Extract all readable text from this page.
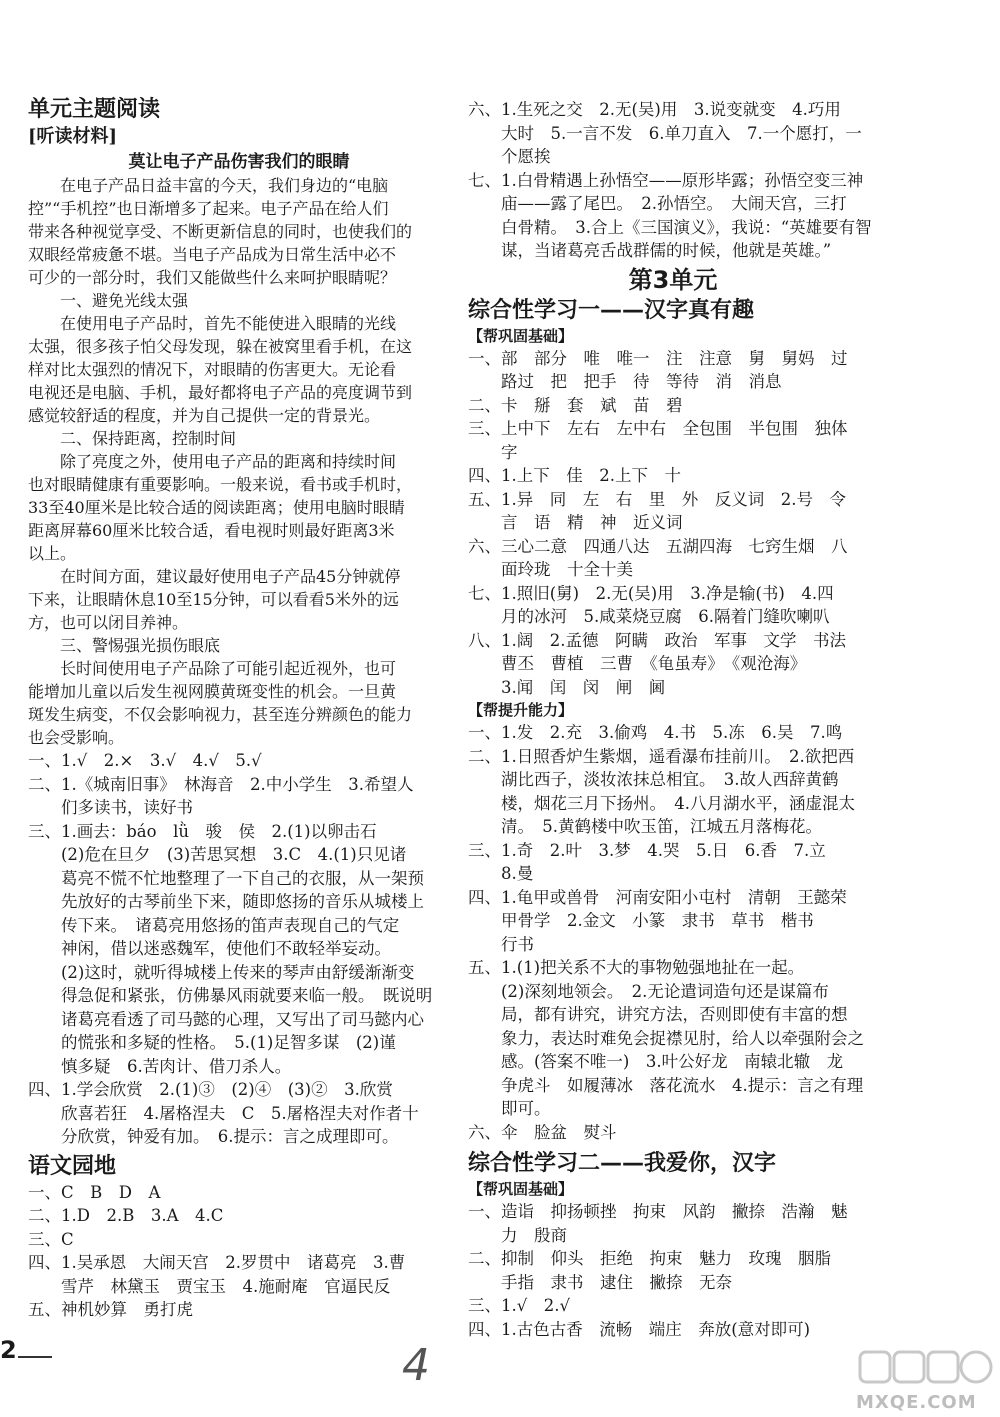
单元主题阅读
[听读材料]
莫让电子产品伤害我们的眼睛
　　在电子产品日益丰富的今天，我们身边的“电脑
控”“手机控”也日渐增多了起来。电子产品在给人们
带来各种视觉享受、不断更新信息的同时，也使我们的
双眼经常疲惫不堪。当电子产品成为日常生活中必不
可少的一部分时，我们又能做些什么来呵护眼睛呢？
　　一、避免光线太强
　　在使用电子产品时，首先不能使进入眼睛的光线
太强，很多孩子怕父母发现，躲在被窝里看手机，在这
样对比太强烈的情况下，对眼睛的伤害更大。无论看
电视还是电脑、手机，最好都将电子产品的亮度调节到
感觉较舒适的程度，并为自己提供一定的背景光。
　　二、保持距离，控制时间
　　除了亮度之外，使用电子产品的距离和持续时间
也对眼睛健康有重要影响。一般来说，看书或手机时，
33至40厘米是比较合适的阅读距离；使用电脑时眼睛
距离屏幕60厘米比较合适，看电视时则最好距离3米
以上。
　　在时间方面，建议最好使用电子产品45分钟就停
下来，让眼睛休息10至15分钟，可以看看5米外的远
方，也可以闭目养神。
　　三、警惕强光损伤眼底
　　长时间使用电子产品除了可能引起近视外，也可
能增加儿童以后发生视网膜黄斑变性的机会。一旦黄
斑发生病变，不仅会影响视力，甚至连分辨颜色的能力
也会受影响。
一、1.√　2.×　3.√　4.√　5.√
二、1.《城南旧事》　林海音　2.中小学生　3.希望人
　　们多读书，读好书
三、1.画去：báo　lǜ　骏　侯　2.(1)以卵击石
　　(2)危在旦夕　(3)苦思冥想　3.C　4.(1)只见诸
　　葛亮不慌不忙地整理了一下自己的衣服，从一架预
　　先放好的古琴前坐下来，随即悠扬的音乐从城楼上
　　传下来。　诸葛亮用悠扬的笛声表现自己的气定
　　神闲，借以迷惑魏军，使他们不敢轻举妄动。
　　(2)这时，就听得城楼上传来的琴声由舒缓渐渐变
　　得急促和紧张，仿佛暴风雨就要来临一般。　既说明
　　诸葛亮看透了司马懿的心理，又写出了司马懿内心
　　的慌张和多疑的性格。　5.(1)足智多谋　(2)谨
　　慎多疑　6.苦肉计、借刀杀人。
四、1.学会欣赏　2.(1)③　(2)④　(3)②　3.欣赏
　　欣喜若狂　4.屠格涅夫　C　5.屠格涅夫对作者十
　　分欣赏，钟爱有加。　6.提示：言之成理即可。
语文园地
一、C　B　D　A
二、1.D　2.B　3.A　4.C
三、C
四、1.吴承恩　大闹天宫　2.罗贯中　诸葛亮　3.曹
　　雪芹　林黛玉　贾宝玉　4.施耐庵　官逼民反
五、神机妙算　勇打虎
六、1.生死之交　2.无(吴)用　3.说变就变　4.巧用
　　大时　5.一言不发　6.单刀直入　7.一个愿打，一
　　个愿挨
七、1.白骨精遇上孙悟空——原形毕露；孙悟空变三神
　　庙——露了尾巴。　2.孙悟空。　大闹天宫，三打
　　白骨精。　3.合上《三国演义》，我说：“英雄要有智
　　谋，当诸葛亮舌战群儒的时候，他就是英雄。”
第3单元
综合性学习一——汉字真有趣
【帮巩固基础】
一、部　部分　唯　唯一　注　注意　舅　舅妈　过
　　路过　把　把手　待　等待　消　消息
二、卡　掰　套　斌　苗　碧
三、上中下　左右　左中右　全包围　半包围　独体
　　字
四、1.上下　佳　2.上下　十
五、1.异　同　左　右　里　外　反义词　2.号　令
　　言　语　精　神　近义词
六、三心二意　四通八达　五湖四海　七窍生烟　八
　　面玲珑　十全十美
七、1.照旧(舅)　2.无(吴)用　3.净是输(书)　4.四
　　月的冰河　5.咸菜烧豆腐　6.隔着门缝吹喇叭
八、1.阔　2.孟德　阿瞒　政治　军事　文学　书法
　　曹丕　曹植　三曹　《龟虽寿》　《观沧海》
　　3.闻　闰　闵　闸　阃
【帮提升能力】
一、1.发　2.充　3.偷鸡　4.书　5.冻　6.吴　7.鸣
二、1.日照香炉生紫烟，遥看瀑布挂前川。　2.欲把西
　　湖比西子，淡妆浓抹总相宜。　3.故人西辞黄鹤
　　楼，烟花三月下扬州。　4.八月湖水平，涵虚混太
　　清。　5.黄鹤楼中吹玉笛，江城五月落梅花。
三、1.奇　2.叶　3.梦　4.哭　5.日　6.香　7.立
　　8.曼
四、1.龟甲或兽骨　河南安阳小屯村　清朝　王懿荣
　　甲骨学　2.金文　小篆　隶书　草书　楷书
　　行书
五、1.(1)把关系不大的事物勉强地扯在一起。
　　(2)深刻地领会。　2.无论遣词造句还是谋篇布
　　局，都有讲究，讲究方法，否则即使有丰富的想
　　象力，表达时难免会捉襟见肘，给人以牵强附会之
　　感。(答案不唯一)　3.叶公好龙　南辕北辙　龙
　　争虎斗　如履薄冰　落花流水　4.提示：言之有理
　　即可。
六、伞　脸盆　熨斗
综合性学习二——我爱你，汉字
【帮巩固基础】
一、造诣　抑扬顿挫　拘束　风韵　撇捺　浩瀚　魅
　　力　殷商
二、抑制　仰头　拒绝　拘束　魅力　玫瑰　胭脂
　　手指　隶书　逮住　撇捺　无奈
三、1.√　2.√
四、1.古色古香　流畅　端庄　奔放(意对即可)
2	4
MXQE.COM
